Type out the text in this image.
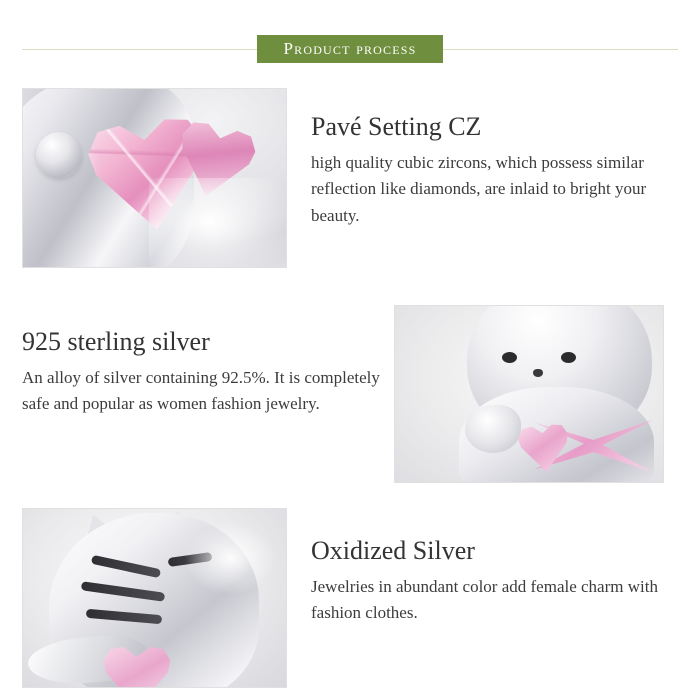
Product process
Pavé Setting CZ

high quality cubic zircons, which possess similar reflection like diamonds, are inlaid to bright your beauty.

925 sterling silver

An alloy of silver containing 92.5%. It is completely safe and popular as women fashion jewelry.

Oxidized Silver

Jewelries in abundant color add female charm with fashion clothes.
